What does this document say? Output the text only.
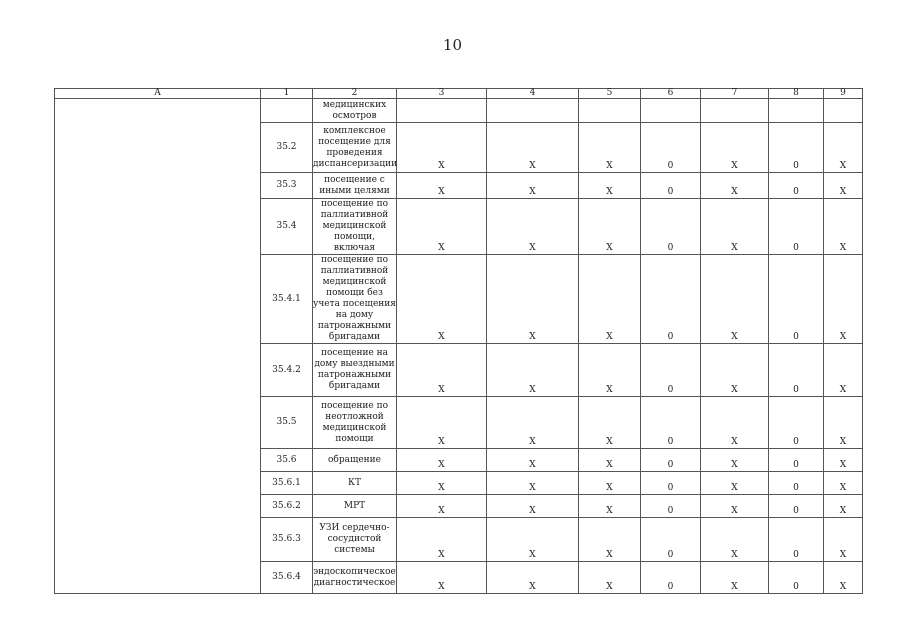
10
А	1	2	3	4	5	6	7	8	9
		медицинских осмотров							
	35.2	комплексное посещение для проведения диспансеризации	Х	Х	Х	0	Х	0	Х
	35.3	посещение с иными целями	Х	Х	Х	0	Х	0	Х
	35.4	посещение по паллиативной медицинской помощи, включая	Х	Х	Х	0	Х	0	Х
	35.4.1	посещение по паллиативной медицинской помощи без учета посещения на дому патронажными бригадами	Х	Х	Х	0	Х	0	Х
	35.4.2	посещение на дому выездными патронажными бригадами	Х	Х	Х	0	Х	0	Х
	35.5	посещение по неотложной медицинской помощи	Х	Х	Х	0	Х	0	Х
	35.6	обращение	Х	Х	Х	0	Х	0	Х
	35.6.1	КТ	Х	Х	Х	0	Х	0	Х
	35.6.2	МРТ	Х	Х	Х	0	Х	0	Х
	35.6.3	УЗИ сердечно-сосудистой системы	Х	Х	Х	0	Х	0	Х
	35.6.4	эндоскопическое диагностическое	Х	Х	Х	0	Х	0	Х
